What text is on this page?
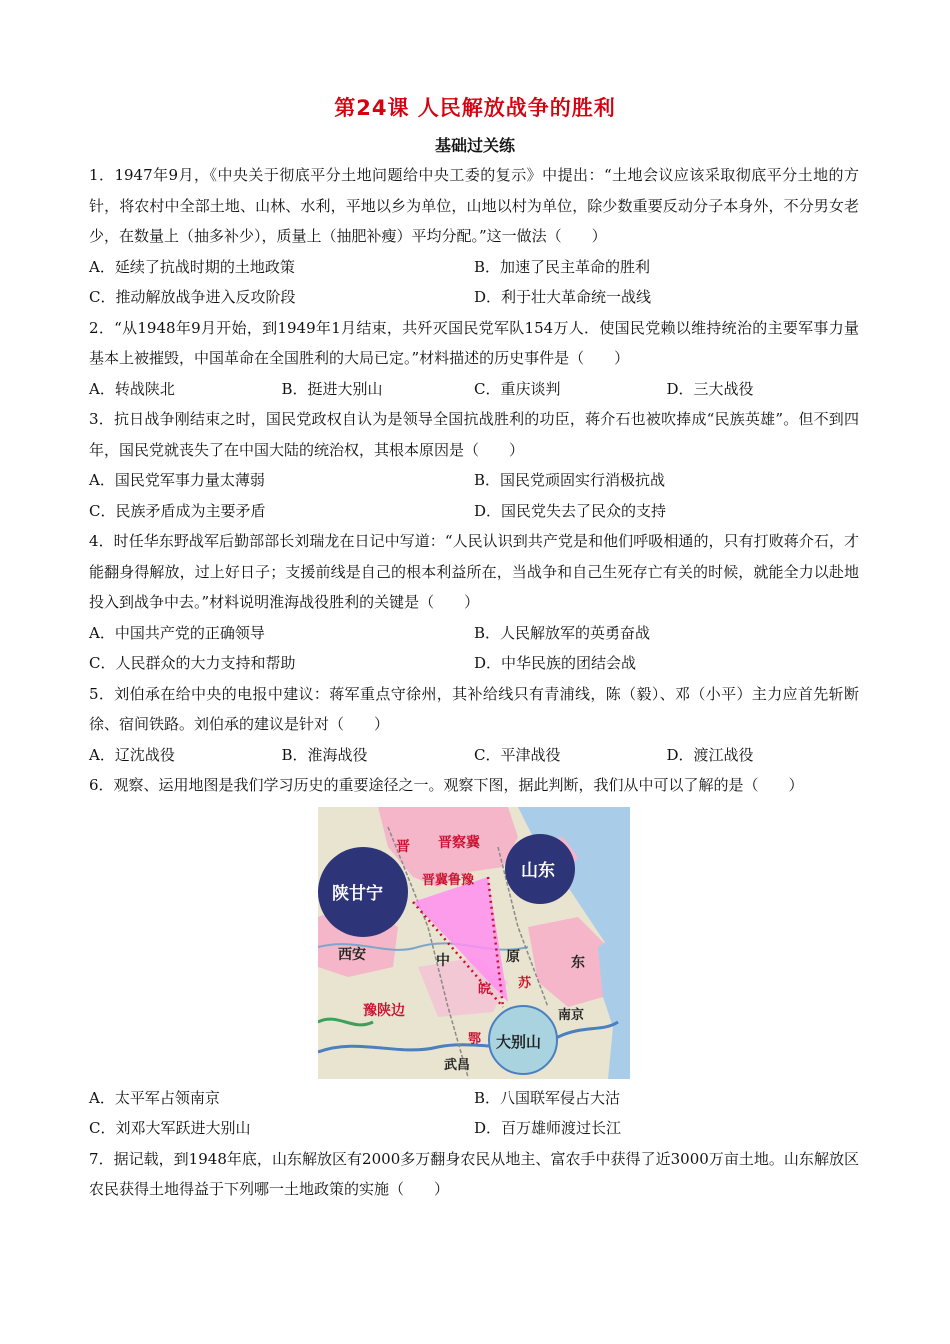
第24课 人民解放战争的胜利
基础过关练

1．1947年9月，《中央关于彻底平分土地问题给中央工委的复示》中提出：“土地会议应该采取彻底平分土地的方针，将农村中全部土地、山林、水利，平地以乡为单位，山地以村为单位，除少数重要反动分子本身外，不分男女老少，在数量上（抽多补少），质量上（抽肥补瘦）平均分配。”这一做法（　　）

A．延续了抗战时期的土地政策	B．加速了民主革命的胜利
C．推动解放战争进入反攻阶段	D．利于壮大革命统一战线

2．“从1948年9月开始，到1949年1月结束，共歼灭国民党军队154万人．使国民党赖以维持统治的主要军事力量基本上被摧毁，中国革命在全国胜利的大局已定。”材料描述的历史事件是（　　）

A．转战陕北	B．挺进大别山	C．重庆谈判	D．三大战役

3．抗日战争刚结束之时，国民党政权自认为是领导全国抗战胜利的功臣，蒋介石也被吹捧成“民族英雄”。但不到四年，国民党就丧失了在中国大陆的统治权，其根本原因是（　　）

A．国民党军事力量太薄弱	B．国民党顽固实行消极抗战
C．民族矛盾成为主要矛盾	D．国民党失去了民众的支持

4．时任华东野战军后勤部部长刘瑞龙在日记中写道：“人民认识到共产党是和他们呼吸相通的，只有打败蒋介石，才能翻身得解放，过上好日子；支援前线是自己的根本利益所在，当战争和自己生死存亡有关的时候，就能全力以赴地投入到战争中去。”材料说明淮海战役胜利的关键是（　　）

A．中国共产党的正确领导	B．人民解放军的英勇奋战
C．人民群众的大力支持和帮助	D．中华民族的团结会战

5．刘伯承在给中央的电报中建议：蒋军重点守徐州，其补给线只有青浦线，陈（毅）、邓（小平）主力应首先斩断徐、宿间铁路。刘伯承的建议是针对（　　）

A．辽沈战役	B．淮海战役	C．平津战役	D．渡江战役

6．观察、运用地图是我们学习历史的重要途径之一。观察下图，据此判断，我们从中可以了解的是（　　）

晋 晋察冀
晋冀鲁豫
陕甘宁
山东
西安	中	原	东
皖 苏
豫陕边	南京
鄂 大别山
武昌
A．太平军占领南京	B．八国联军侵占大沽
C．刘邓大军跃进大别山	D．百万雄师渡过长江

7．据记载，到1948年底，山东解放区有2000多万翻身农民从地主、富农手中获得了近3000万亩土地。山东解放区农民获得土地得益于下列哪一土地政策的实施（　　）
